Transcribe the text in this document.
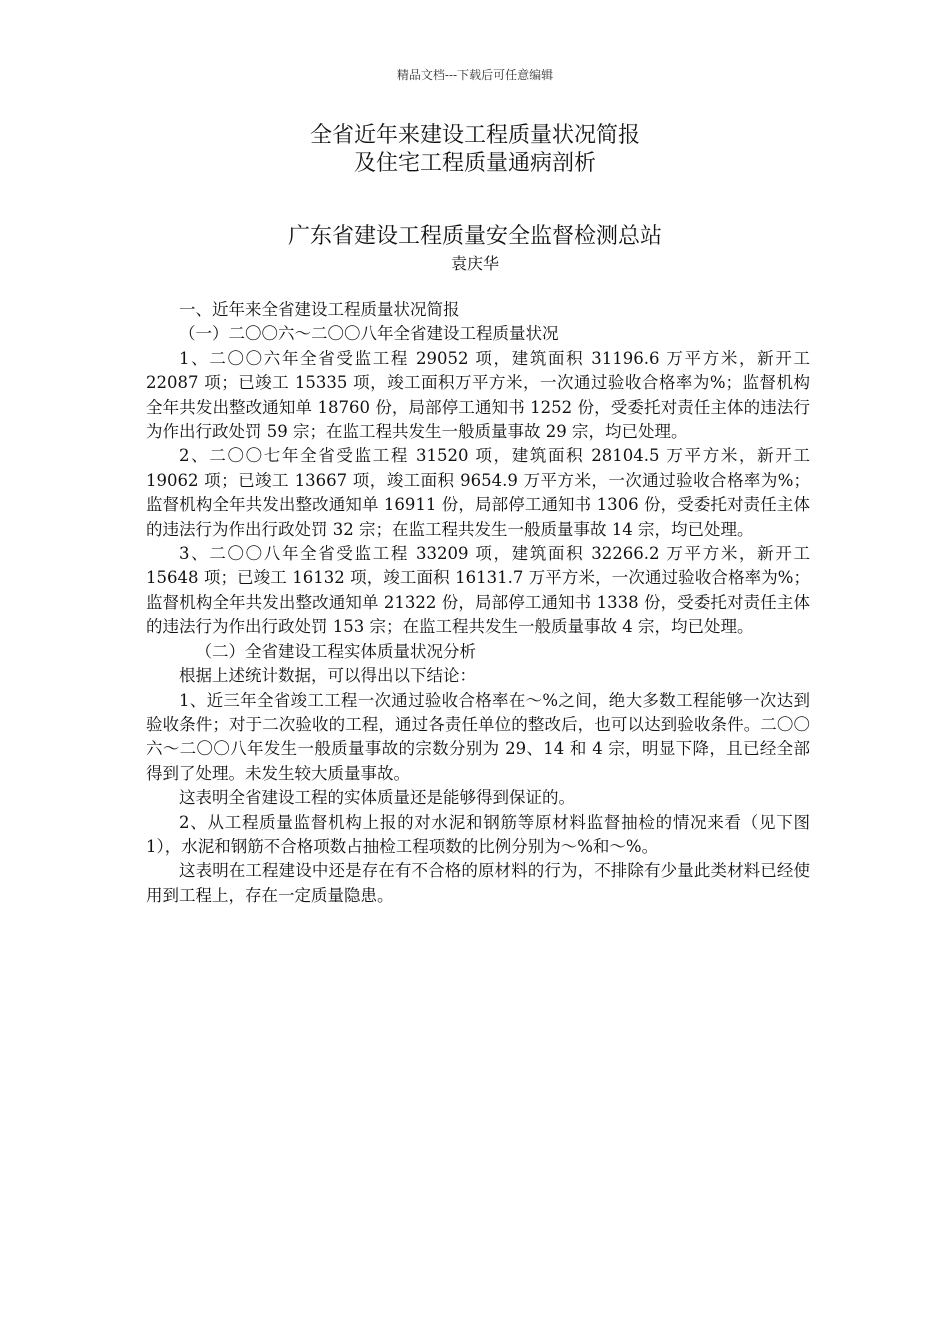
精品文档---下载后可任意编辑
全省近年来建设工程质量状况简报
及住宅工程质量通病剖析
广东省建设工程质量安全监督检测总站
袁庆华

一、近年来全省建设工程质量状况简报

（一）二〇〇六～二〇〇八年全省建设工程质量状况

1、二〇〇六年全省受监工程 29052 项，建筑面积 31196.6 万平方米，新开工 22087 项；已竣工 15335 项，竣工面积万平方米，一次通过验收合格率为%；监督机构全年共发出整改通知单 18760 份，局部停工通知书 1252 份，受委托对责任主体的违法行为作出行政处罚 59 宗；在监工程共发生一般质量事故 29 宗，均已处理。

2、二〇〇七年全省受监工程 31520 项，建筑面积 28104.5 万平方米，新开工 19062 项；已竣工 13667 项，竣工面积 9654.9 万平方米，一次通过验收合格率为%；监督机构全年共发出整改通知单 16911 份，局部停工通知书 1306 份，受委托对责任主体的违法行为作出行政处罚 32 宗；在监工程共发生一般质量事故 14 宗，均已处理。

3、二〇〇八年全省受监工程 33209 项，建筑面积 32266.2 万平方米，新开工 15648 项；已竣工 16132 项，竣工面积 16131.7 万平方米，一次通过验收合格率为%；监督机构全年共发出整改通知单 21322 份，局部停工通知书 1338 份，受委托对责任主体的违法行为作出行政处罚 153 宗；在监工程共发生一般质量事故 4 宗，均已处理。

（二）全省建设工程实体质量状况分析

根据上述统计数据，可以得出以下结论：

1、近三年全省竣工工程一次通过验收合格率在～%之间，绝大多数工程能够一次达到验收条件；对于二次验收的工程，通过各责任单位的整改后，也可以达到验收条件。二〇〇六～二〇〇八年发生一般质量事故的宗数分别为 29、14 和 4 宗，明显下降，且已经全部得到了处理。未发生较大质量事故。

这表明全省建设工程的实体质量还是能够得到保证的。

2、从工程质量监督机构上报的对水泥和钢筋等原材料监督抽检的情况来看（见下图 1），水泥和钢筋不合格项数占抽检工程项数的比例分别为～%和～%。

这表明在工程建设中还是存在有不合格的原材料的行为，不排除有少量此类材料已经使用到工程上，存在一定质量隐患。
